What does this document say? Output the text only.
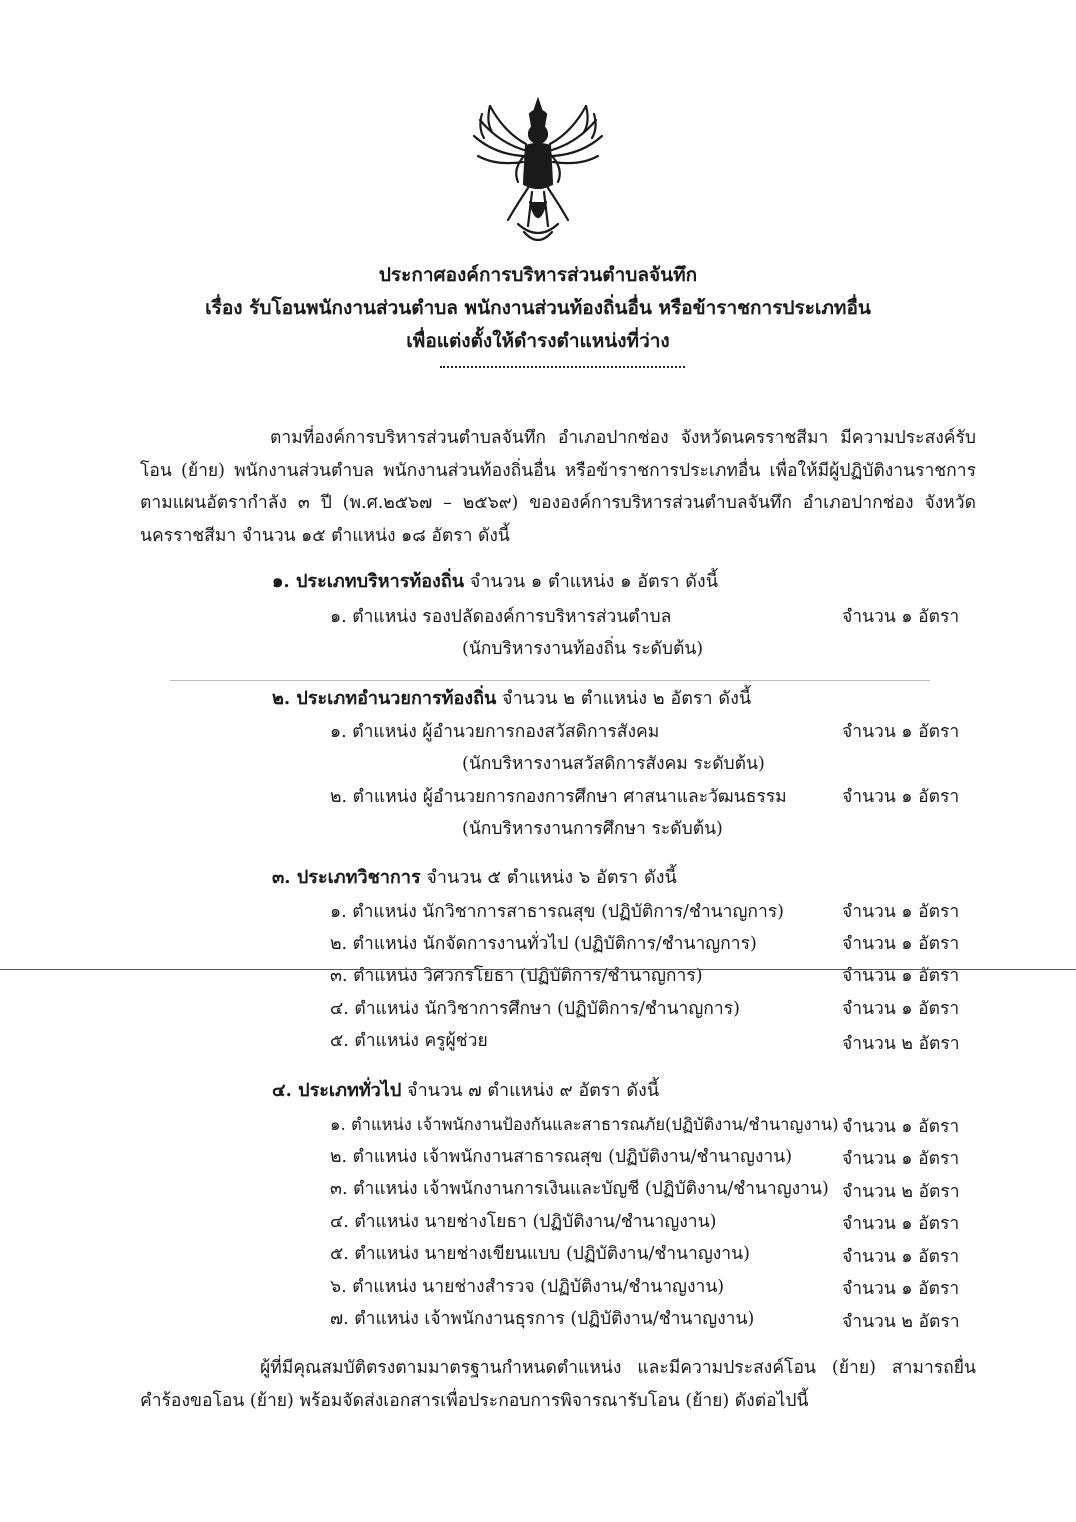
ประกาศองค์การบริหารส่วนตำบลจันทึก
เรื่อง รับโอนพนักงานส่วนตำบล พนักงานส่วนท้องถิ่นอื่น หรือข้าราชการประเภทอื่น
เพื่อแต่งตั้งให้ดำรงตำแหน่งที่ว่าง
ตามที่องค์การบริหารส่วนตำบลจันทึก อำเภอปากช่อง จังหวัดนครราชสีมา มีความประสงค์รับโอน (ย้าย) พนักงานส่วนตำบล พนักงานส่วนท้องถิ่นอื่น หรือข้าราชการประเภทอื่น เพื่อให้มีผู้ปฏิบัติงานราชการตามแผนอัตรากำลัง ๓ ปี (พ.ศ.๒๕๖๗ – ๒๕๖๙) ขององค์การบริหารส่วนตำบลจันทึก อำเภอปากช่อง จังหวัดนครราชสีมา จำนวน ๑๕ ตำแหน่ง ๑๘ อัตรา ดังนี้
๑. ประเภทบริหารท้องถิ่น จำนวน ๑ ตำแหน่ง ๑ อัตรา ดังนี้
๑. ตำแหน่ง รองปลัดองค์การบริหารส่วนตำบล	จำนวน ๑ อัตรา
(นักบริหารงานท้องถิ่น ระดับต้น)
๒. ประเภทอำนวยการท้องถิ่น จำนวน ๒ ตำแหน่ง ๒ อัตรา ดังนี้
๑. ตำแหน่ง ผู้อำนวยการกองสวัสดิการสังคม	จำนวน ๑ อัตรา
(นักบริหารงานสวัสดิการสังคม ระดับต้น)
๒. ตำแหน่ง ผู้อำนวยการกองการศึกษา ศาสนาและวัฒนธรรม	จำนวน ๑ อัตรา
(นักบริหารงานการศึกษา ระดับต้น)
๓. ประเภทวิชาการ จำนวน ๕ ตำแหน่ง ๖ อัตรา ดังนี้
๑. ตำแหน่ง นักวิชาการสาธารณสุข (ปฏิบัติการ/ชำนาญการ)	จำนวน ๑ อัตรา
๒. ตำแหน่ง นักจัดการงานทั่วไป (ปฏิบัติการ/ชำนาญการ)	จำนวน ๑ อัตรา
๓. ตำแหน่ง วิศวกรโยธา (ปฏิบัติการ/ชำนาญการ)	จำนวน ๑ อัตรา
๔. ตำแหน่ง นักวิชาการศึกษา (ปฏิบัติการ/ชำนาญการ)	จำนวน ๑ อัตรา
๕. ตำแหน่ง ครูผู้ช่วย	จำนวน ๒ อัตรา
๔. ประเภททั่วไป จำนวน ๗ ตำแหน่ง ๙ อัตรา ดังนี้
๑. ตำแหน่ง เจ้าพนักงานป้องกันและสาธารณภัย(ปฏิบัติงาน/ชำนาญงาน) จำนวน ๑ อัตรา
๒. ตำแหน่ง เจ้าพนักงานสาธารณสุข (ปฏิบัติงาน/ชำนาญงาน)	จำนวน ๑ อัตรา
๓. ตำแหน่ง เจ้าพนักงานการเงินและบัญชี (ปฏิบัติงาน/ชำนาญงาน) จำนวน ๒ อัตรา
๔. ตำแหน่ง นายช่างโยธา (ปฏิบัติงาน/ชำนาญงาน)	จำนวน ๑ อัตรา
๕. ตำแหน่ง นายช่างเขียนแบบ (ปฏิบัติงาน/ชำนาญงาน)	จำนวน ๑ อัตรา
๖. ตำแหน่ง นายช่างสำรวจ (ปฏิบัติงาน/ชำนาญงาน)	จำนวน ๑ อัตรา
๗. ตำแหน่ง เจ้าพนักงานธุรการ (ปฏิบัติงาน/ชำนาญงาน)	จำนวน ๒ อัตรา
ผู้ที่มีคุณสมบัติตรงตามมาตรฐานกำหนดตำแหน่ง และมีความประสงค์โอน (ย้าย) สามารถยื่นคำร้องขอโอน (ย้าย) พร้อมจัดส่งเอกสารเพื่อประกอบการพิจารณารับโอน (ย้าย) ดังต่อไปนี้
